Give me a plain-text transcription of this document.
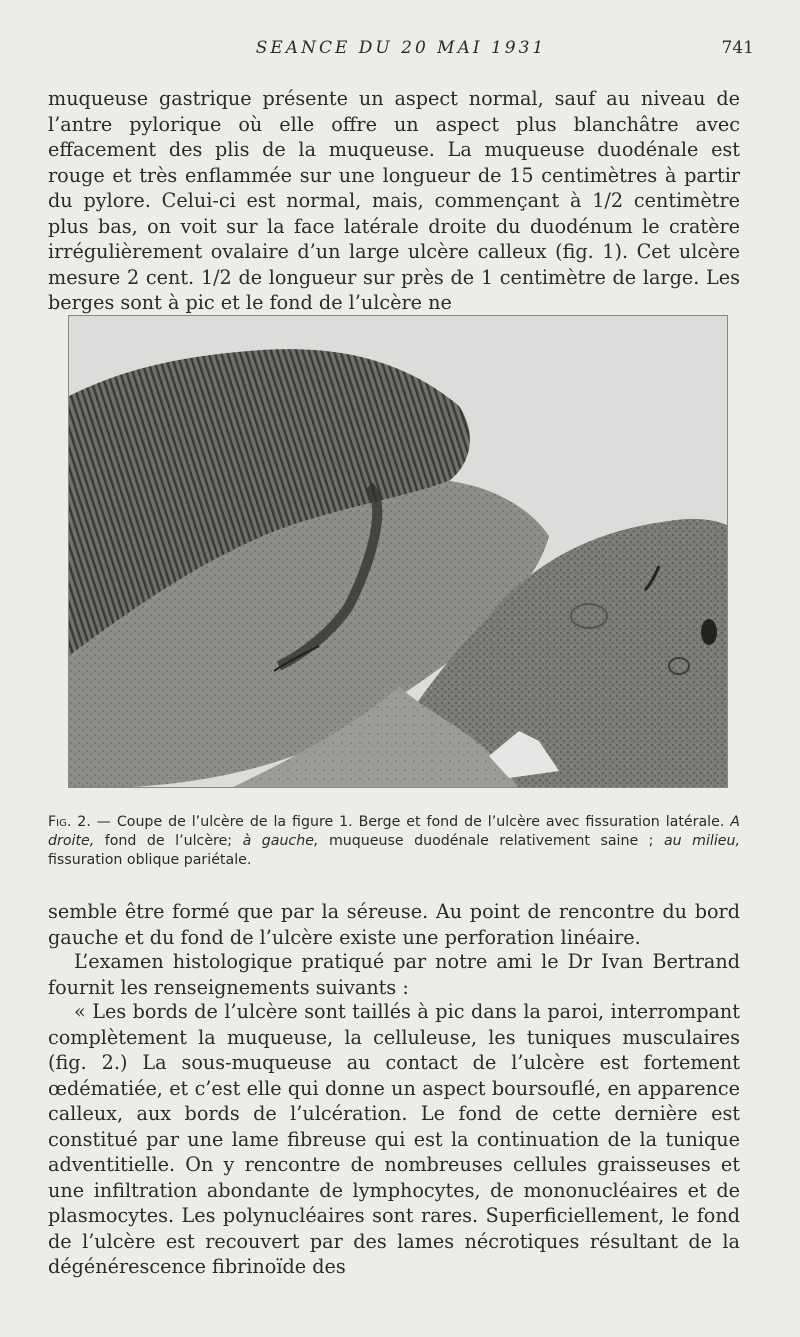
SEANCE DU 20 MAI 1931	741

muqueuse gastrique présente un aspect normal, sauf au niveau de l’antre pylorique où elle offre un aspect plus blanchâtre avec effacement des plis de la muqueuse. La muqueuse duodénale est rouge et très enflammée sur une longueur de 15 centimètres à partir du pylore. Celui-ci est normal, mais, commençant à 1/2 centimètre plus bas, on voit sur la face latérale droite du duodénum le cratère irrégulièrement ovalaire d’un large ulcère calleux (fig. 1). Cet ulcère mesure 2 cent. 1/2 de longueur sur près de 1 centimètre de large. Les berges sont à pic et le fond de l’ulcère ne

Fig. 2. — Coupe de l’ulcère de la figure 1. Berge et fond de l’ulcère avec fissuration latérale. A droite, fond de l’ulcère; à gauche, muqueuse duodénale relativement saine ; au milieu, fissuration oblique pariétale.

semble être formé que par la séreuse. Au point de rencontre du bord gauche et du fond de l’ulcère existe une perforation linéaire.

L’examen histologique pratiqué par notre ami le Dr Ivan Bertrand fournit les renseignements suivants :

« Les bords de l’ulcère sont taillés à pic dans la paroi, interrompant complètement la muqueuse, la celluleuse, les tuniques musculaires (fig. 2.) La sous-muqueuse au contact de l’ulcère est fortement œdématiée, et c’est elle qui donne un aspect boursouflé, en apparence calleux, aux bords de l’ulcération. Le fond de cette dernière est constitué par une lame fibreuse qui est la continuation de la tunique adventitielle. On y rencontre de nombreuses cellules graisseuses et une infiltration abondante de lymphocytes, de mononucléaires et de plasmocytes. Les polynucléaires sont rares. Superficiellement, le fond de l’ulcère est recouvert par des lames nécrotiques résultant de la dégénérescence fibrinoïde des
